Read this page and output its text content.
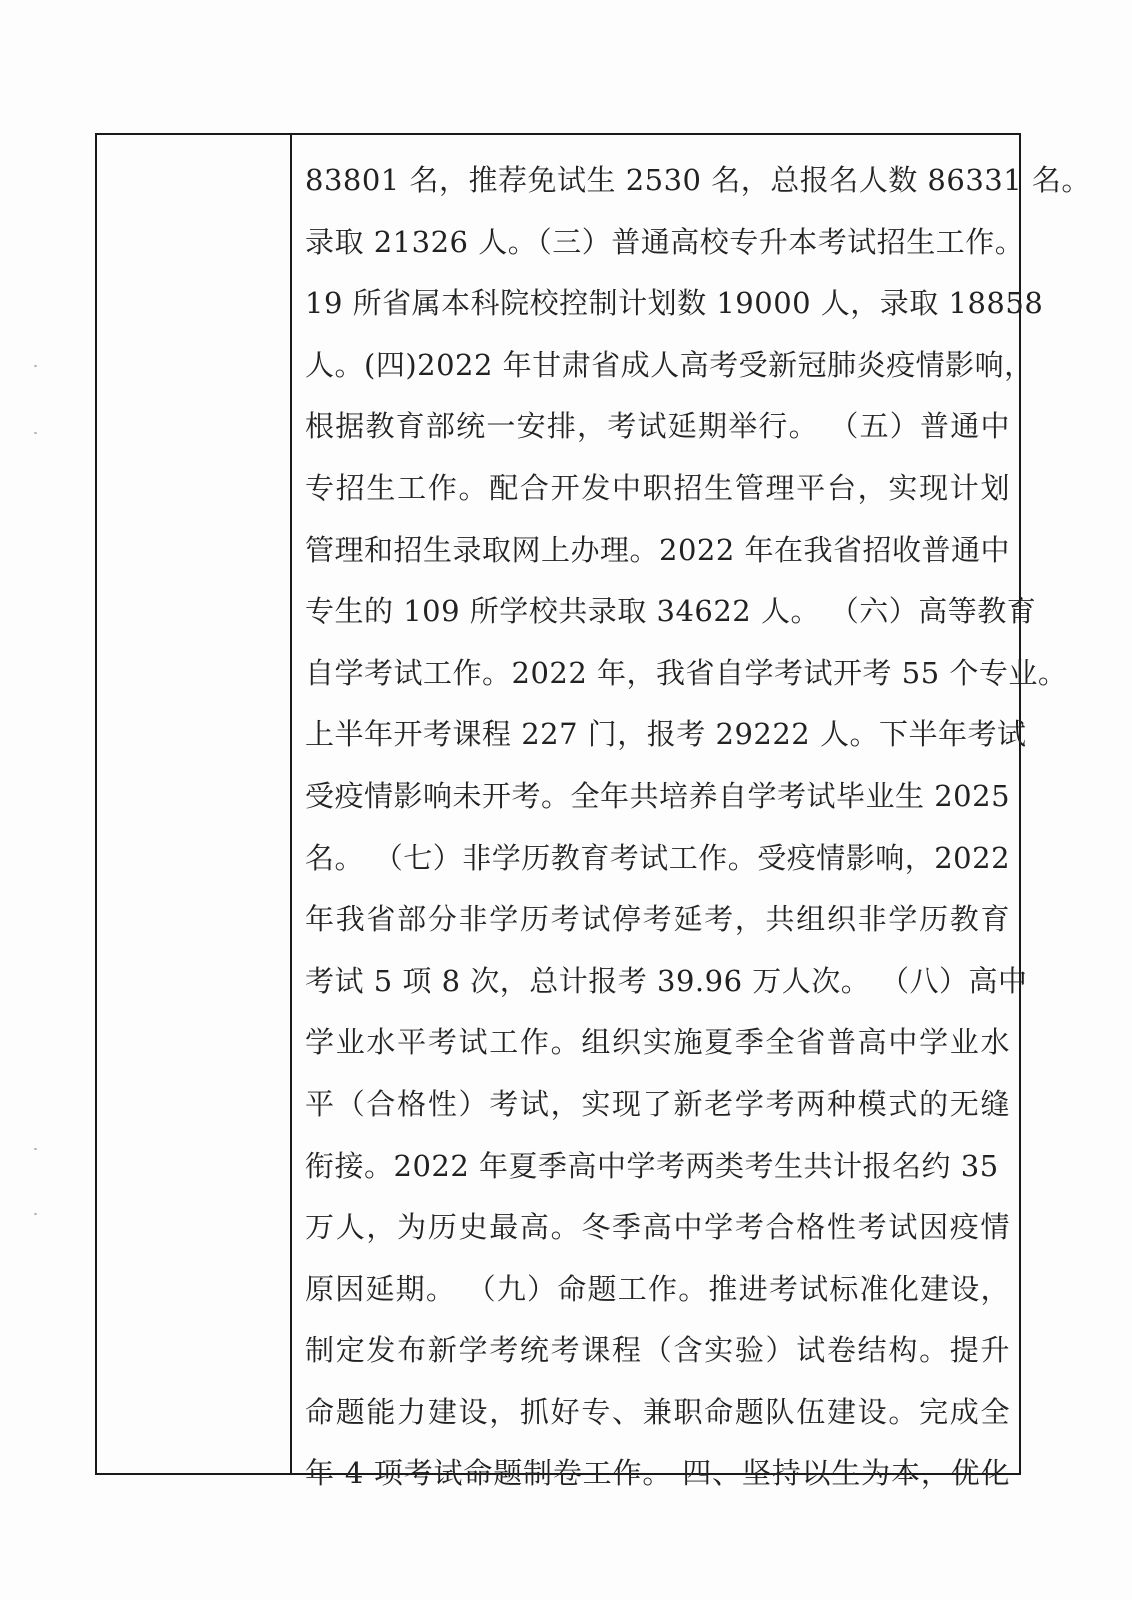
83801 名，推荐免试生 2530 名，总报名人数 86331 名。
录取 21326 人。（三）普通高校专升本考试招生工作。
19 所省属本科院校控制计划数 19000 人，录取 18858
人。(四)2022 年甘肃省成人高考受新冠肺炎疫情影响，
根据教育部统一安排，考试延期举行。 （五）普通中
专招生工作。配合开发中职招生管理平台，实现计划
管理和招生录取网上办理。2022 年在我省招收普通中
专生的 109 所学校共录取 34622 人。 （六）高等教育
自学考试工作。2022 年，我省自学考试开考 55 个专业。
上半年开考课程 227 门，报考 29222 人。下半年考试
受疫情影响未开考。全年共培养自学考试毕业生 2025
名。 （七）非学历教育考试工作。受疫情影响，2022
年我省部分非学历考试停考延考，共组织非学历教育
考试 5 项 8 次，总计报考 39.96 万人次。 （八）高中
学业水平考试工作。组织实施夏季全省普高中学业水
平（合格性）考试，实现了新老学考两种模式的无缝
衔接。2022 年夏季高中学考两类考生共计报名约 35
万人，为历史最高。冬季高中学考合格性考试因疫情
原因延期。 （九）命题工作。推进考试标准化建设，
制定发布新学考统考课程（含实验）试卷结构。提升
命题能力建设，抓好专、兼职命题队伍建设。完成全
年 4 项考试命题制卷工作。 四、坚持以生为本，优化
